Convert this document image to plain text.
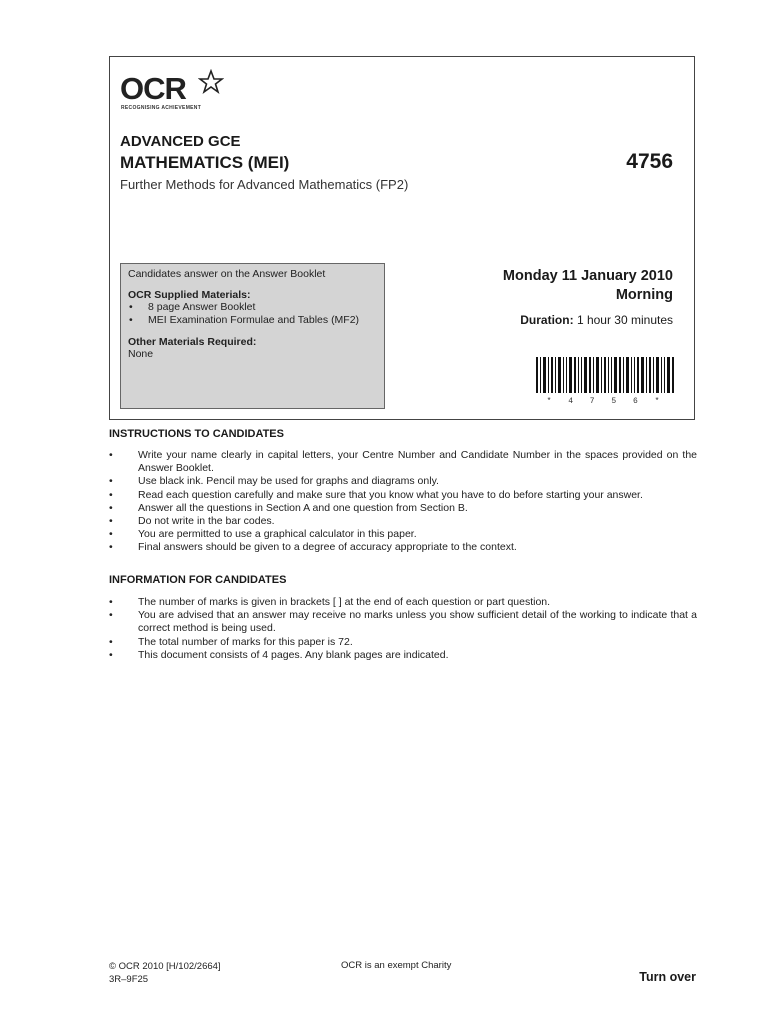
OCR
RECOGNISING ACHIEVEMENT
ADVANCED GCE
MATHEMATICS (MEI)	4756
Further Methods for Advanced Mathematics (FP2)
Candidates answer on the Answer Booklet
OCR Supplied Materials:
• 8 page Answer Booklet
• MEI Examination Formulae and Tables (MF2)
Other Materials Required:
None
Monday 11 January 2010
Morning
Duration: 1 hour 30 minutes
* 4 7 5 6 *
INSTRUCTIONS TO CANDIDATES
• Write your name clearly in capital letters, your Centre Number and Candidate Number in the spaces provided on the Answer Booklet.
• Use black ink. Pencil may be used for graphs and diagrams only.
• Read each question carefully and make sure that you know what you have to do before starting your answer.
• Answer all the questions in Section A and one question from Section B.
• Do not write in the bar codes.
• You are permitted to use a graphical calculator in this paper.
• Final answers should be given to a degree of accuracy appropriate to the context.
INFORMATION FOR CANDIDATES
• The number of marks is given in brackets [ ] at the end of each question or part question.
• You are advised that an answer may receive no marks unless you show sufficient detail of the working to indicate that a correct method is being used.
• The total number of marks for this paper is 72.
• This document consists of 4 pages. Any blank pages are indicated.
© OCR 2010 [H/102/2664]
3R–9F25
OCR is an exempt Charity
Turn over
